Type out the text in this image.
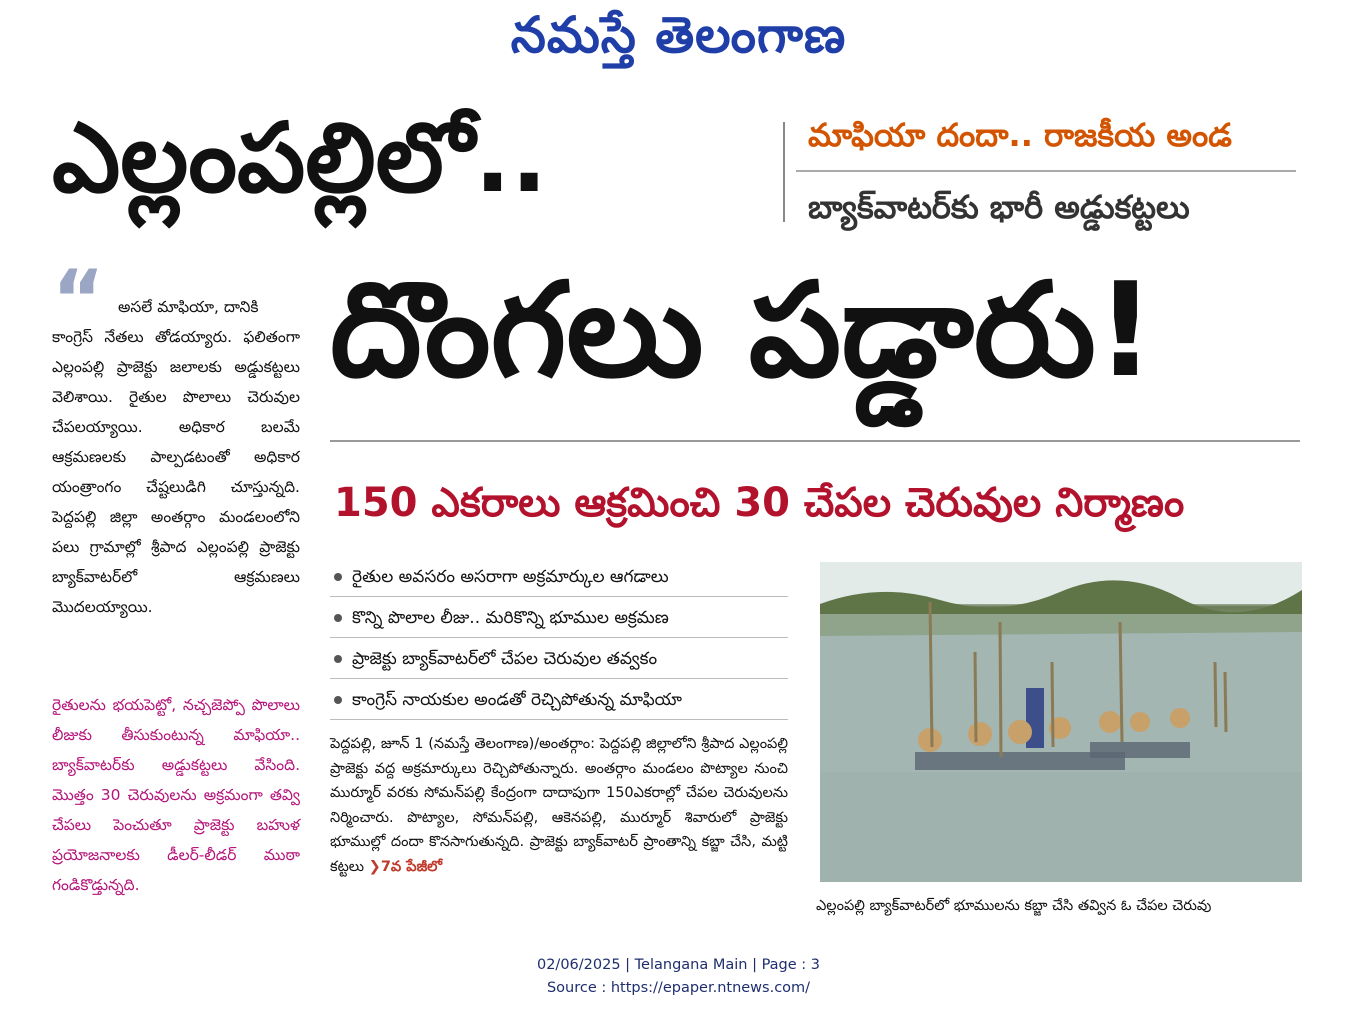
నమస్తే తెలంగాణ
ఎల్లంపల్లిలో..	మాఫియా దందా.. రాజకీయ అండ
బ్యాక్‌వాటర్‌కు భారీ అడ్డుకట్టలు
దొంగలు పడ్డారు!
150 ఎకరాలు ఆక్రమించి 30 చేపల చెరువుల నిర్మాణం
“ అసలే మాఫియా, దానికి
కాంగ్రెస్ నేతలు తోడయ్యారు. ఫలితంగా ఎల్లంపల్లి ప్రాజెక్టు జలాలకు అడ్డుకట్టలు వెలిశాయి. రైతుల పొలాలు చెరువుల చేపలయ్యాయి. అధికార బలమే ఆక్రమణలకు పాల్పడటంతో అధికార యంత్రాంగం చేష్టలుడిగి చూస్తున్నది. పెద్దపల్లి జిల్లా అంతర్గాం మండలంలోని పలు గ్రామాల్లో శ్రీపాద ఎల్లంపల్లి ప్రాజెక్టు బ్యాక్‌వాటర్‌లో ఆక్రమణలు మొదలయ్యాయి.
రైతులను భయపెట్టో, నచ్చజెప్పో పొలాలు లీజుకు తీసుకుంటున్న మాఫియా.. బ్యాక్‌వాటర్‌కు అడ్డుకట్టలు వేసింది. మొత్తం 30 చెరువులను అక్రమంగా తవ్వి చేపలు పెంచుతూ ప్రాజెక్టు బహుళ ప్రయోజనాలకు డీలర్-లీడర్ ముఠా గండికొడ్తున్నది.
రైతుల అవసరం అసరాగా అక్రమార్కుల ఆగడాలు
కొన్ని పొలాల లీజు.. మరికొన్ని భూముల అక్రమణ
ప్రాజెక్టు బ్యాక్‌వాటర్‌లో చేపల చెరువుల తవ్వకం
కాంగ్రెస్ నాయకుల అండతో రెచ్చిపోతున్న మాఫియా
పెద్దపల్లి, జూన్ 1 (నమస్తే తెలంగాణ)/అంతర్గాం: పెద్దపల్లి జిల్లాలోని శ్రీపాద ఎల్లంపల్లి ప్రాజెక్టు వద్ద అక్రమార్కులు రెచ్చిపోతున్నారు. అంతర్గాం మండలం పొట్యాల నుంచి ముర్మూర్ వరకు సోమన్‌పల్లి కేంద్రంగా దాదాపుగా 150ఎకరాల్లో చేపల చెరువులను నిర్మించారు. పొట్యాల, సోమన్‌పల్లి, ఆకెనపల్లి, ముర్మూర్ శివారులో ప్రాజెక్టు భూముల్లో దందా కొనసాగుతున్నది. ప్రాజెక్టు బ్యాక్‌వాటర్ ప్రాంతాన్ని కబ్జా చేసి, మట్టి కట్టలు ❯7వ పేజీలో
ఎల్లంపల్లి బ్యాక్‌వాటర్‌లో భూములను కబ్జా చేసి తవ్విన ఓ చేపల చెరువు
02/06/2025 | Telangana Main | Page : 3
Source : https://epaper.ntnews.com/
